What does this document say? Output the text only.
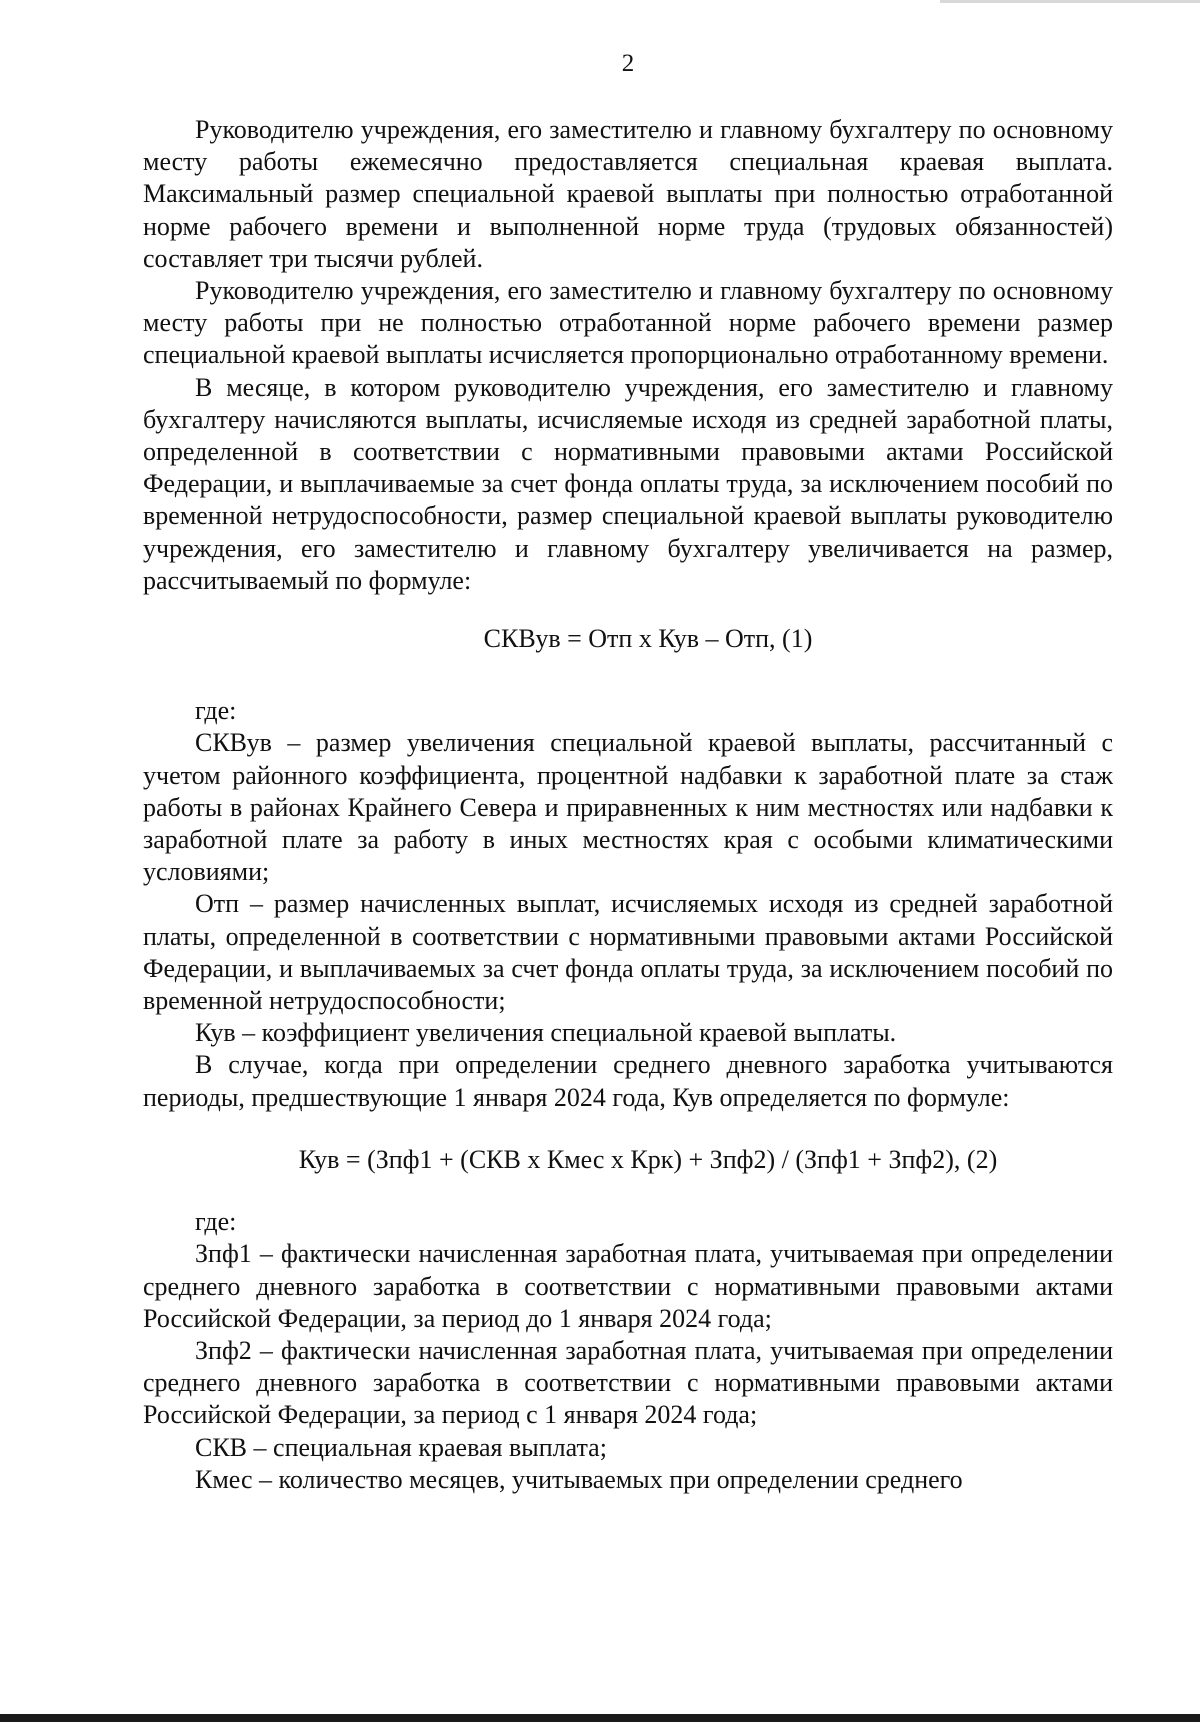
2

Руководителю учреждения, его заместителю и главному бухгалтеру по основному месту работы ежемесячно предоставляется специальная краевая выплата. Максимальный размер специальной краевой выплаты при полностью отработанной норме рабочего времени и выполненной норме труда (трудовых обязанностей) составляет три тысячи рублей.

Руководителю учреждения, его заместителю и главному бухгалтеру по основному месту работы при не полностью отработанной норме рабочего времени размер специальной краевой выплаты исчисляется пропорционально отработанному времени.

В месяце, в котором руководителю учреждения, его заместителю и главному бухгалтеру начисляются выплаты, исчисляемые исходя из средней заработной платы, определенной в соответствии с нормативными правовыми актами Российской Федерации, и выплачиваемые за счет фонда оплаты труда, за исключением пособий по временной нетрудоспособности, размер специальной краевой выплаты руководителю учреждения, его заместителю и главному бухгалтеру увеличивается на размер, рассчитываемый по формуле:

СКВув = Отп х Кув – Отп, (1)

где:

СКВув – размер увеличения специальной краевой выплаты, рассчитанный с учетом районного коэффициента, процентной надбавки к заработной плате за стаж работы в районах Крайнего Севера и приравненных к ним местностях или надбавки к заработной плате за работу в иных местностях края с особыми климатическими условиями;

Отп – размер начисленных выплат, исчисляемых исходя из средней заработной платы, определенной в соответствии с нормативными правовыми актами Российской Федерации, и выплачиваемых за счет фонда оплаты труда, за исключением пособий по временной нетрудоспособности;

Кув – коэффициент увеличения специальной краевой выплаты.

В случае, когда при определении среднего дневного заработка учитываются периоды, предшествующие 1 января 2024 года, Кув определяется по формуле:

Кув = (Зпф1 + (СКВ х Кмес х Крк) + Зпф2) / (Зпф1 + Зпф2), (2)

где:

Зпф1 – фактически начисленная заработная плата, учитываемая при определении среднего дневного заработка в соответствии с нормативными правовыми актами Российской Федерации, за период до 1 января 2024 года;

Зпф2 – фактически начисленная заработная плата, учитываемая при определении среднего дневного заработка в соответствии с нормативными правовыми актами Российской Федерации, за период с 1 января 2024 года;

СКВ – специальная краевая выплата;

Кмес – количество месяцев, учитываемых при определении среднего
